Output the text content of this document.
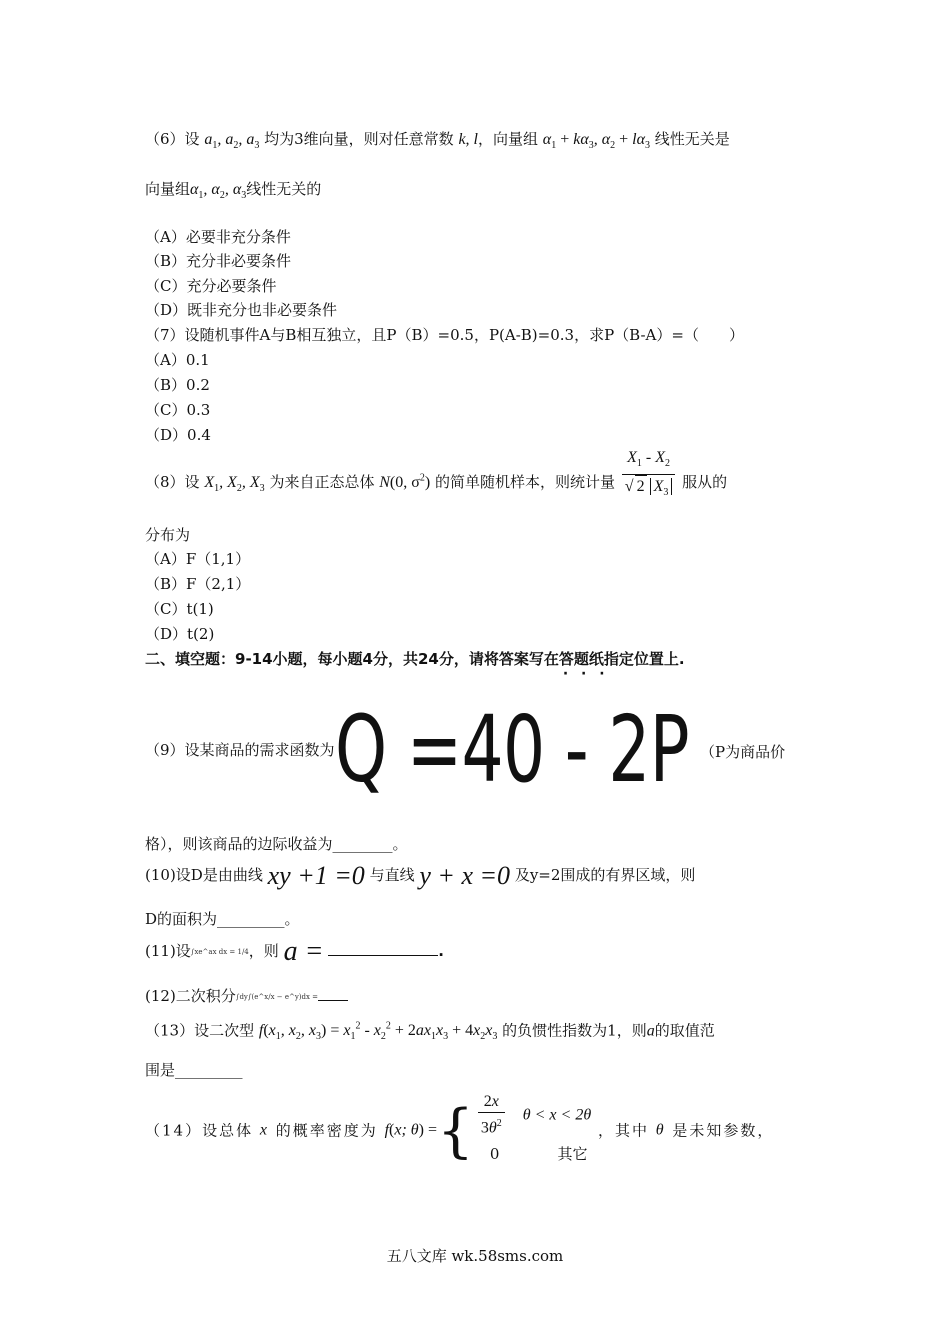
（6）设 $a_1$, $a_2$, $a_3$ 均为3维向量，则对任意常数 k, l，向量组 $\alpha_1 + k\alpha_3$, $\alpha_2 + l\alpha_3$ 线性无关是
向量组$\alpha_1$, $\alpha_2$, $\alpha_3$线性无关的
（A）必要非充分条件
（B）充分非必要条件
（C）充分必要条件
（D）既非充分也非必要条件
（7）设随机事件A与B相互独立，且P（B）=0.5，P(A-B)=0.3，求P（B-A）=（　　）
（A）0.1
（B）0.2
（C）0.3
（D）0.4
（8）设 $X_1$, $X_2$, $X_3$ 为来自正态总体 N(0, $\sigma^2$) 的简单随机样本，则统计量 $\frac{X_1 - X_2}{√ 2 X_3}$ 服从的
分布为
（A）F（1,1）
（B）F（2,1）
（C）t(1)
（D）t(2)
二、填空题：9-14小题，每小题4分，共24分，请将答案写在答题纸 · · ·指定位置上.
（9）设某商品的需求函数为Q =40 - 2P （P为商品价
格），则该商品的边际收益为________。
(10)设D是由曲线 xy +1 =0 与直线 y + x =0 及y=2围成的有界区域，则
D的面积为_________。
(11)设∫xe^ax dx = 1/4，则 a =	.
(12)二次积分∫dy∫(e^x/x − e^y)dx =
（13）设二次型 $f(x_1$, $x_2$, $x_3) = x_1^2 - x_2^2 + 2ax_1x_3 + 4x_2x_3$ 的负惯性指数为1，则a的取值范
围是_________
（14）设总体 x 的概率密度为 f(x; θ) ={ $\frac{2x}{3\theta^2}$ θ < x < 2θ
0	其它
，其中 θ 是未知参数，
五八文库 wk.58sms.com
